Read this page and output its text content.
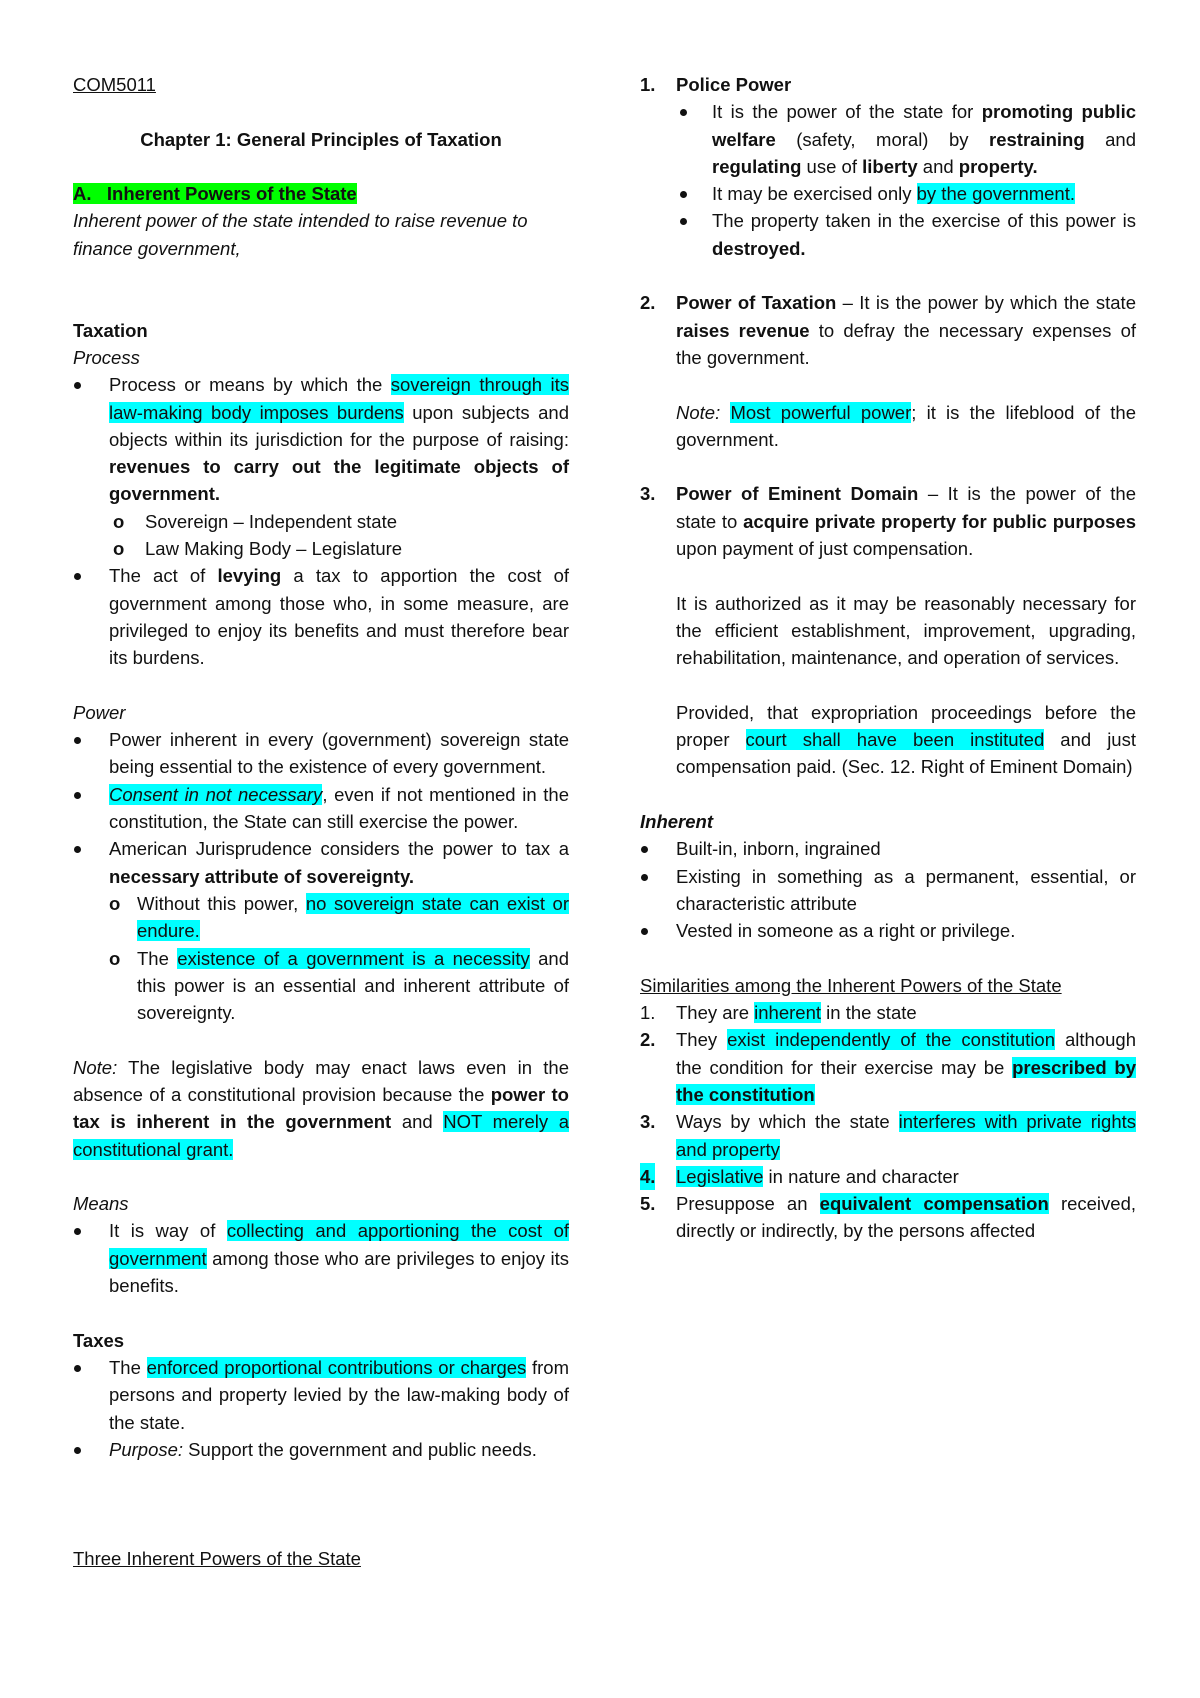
COM5011

Chapter 1: General Principles of Taxation

A. Inherent Powers of the State

Inherent power of the state intended to raise revenue to finance government,

Taxation

Process

Process or means by which the sovereign through its law-making body imposes burdens upon subjects and objects within its jurisdiction for the purpose of raising: revenues to carry out the legitimate objects of government.
o Sovereign – Independent state
o Law Making Body – Legislature
The act of levying a tax to apportion the cost of government among those who, in some measure, are privileged to enjoy its benefits and must therefore bear its burdens.

Power

Power inherent in every (government) sovereign state being essential to the existence of every government.
Consent in not necessary, even if not mentioned in the constitution, the State can still exercise the power.
American Jurisprudence considers the power to tax a necessary attribute of sovereignty.
o Without this power, no sovereign state can exist or endure.
o The existence of a government is a necessity and this power is an essential and inherent attribute of sovereignty.

Note: The legislative body may enact laws even in the absence of a constitutional provision because the power to tax is inherent in the government and NOT merely a constitutional grant.

Means

It is way of collecting and apportioning the cost of government among those who are privileges to enjoy its benefits.

Taxes

The enforced proportional contributions or charges from persons and property levied by the law-making body of the state.
Purpose: Support the government and public needs.

Three Inherent Powers of the State

1. Police Power
It is the power of the state for promoting public welfare (safety, moral) by restraining and regulating use of liberty and property.
It may be exercised only by the government.
The property taken in the exercise of this power is destroyed.
2. Power of Taxation – It is the power by which the state raises revenue to defray the necessary expenses of the government.

Note: Most powerful power; it is the lifeblood of the government.

3. Power of Eminent Domain – It is the power of the state to acquire private property for public purposes upon payment of just compensation.

It is authorized as it may be reasonably necessary for the efficient establishment, improvement, upgrading, rehabilitation, maintenance, and operation of services.

Provided, that expropriation proceedings before the proper court shall have been instituted and just compensation paid. (Sec. 12. Right of Eminent Domain)

Inherent

Built-in, inborn, ingrained
Existing in something as a permanent, essential, or characteristic attribute
Vested in someone as a right or privilege.

Similarities among the Inherent Powers of the State

1. They are inherent in the state
2. They exist independently of the constitution although the condition for their exercise may be prescribed by the constitution
3. Ways by which the state interferes with private rights and property
4. Legislative in nature and character
5. Presuppose an equivalent compensation received, directly or indirectly, by the persons affected
